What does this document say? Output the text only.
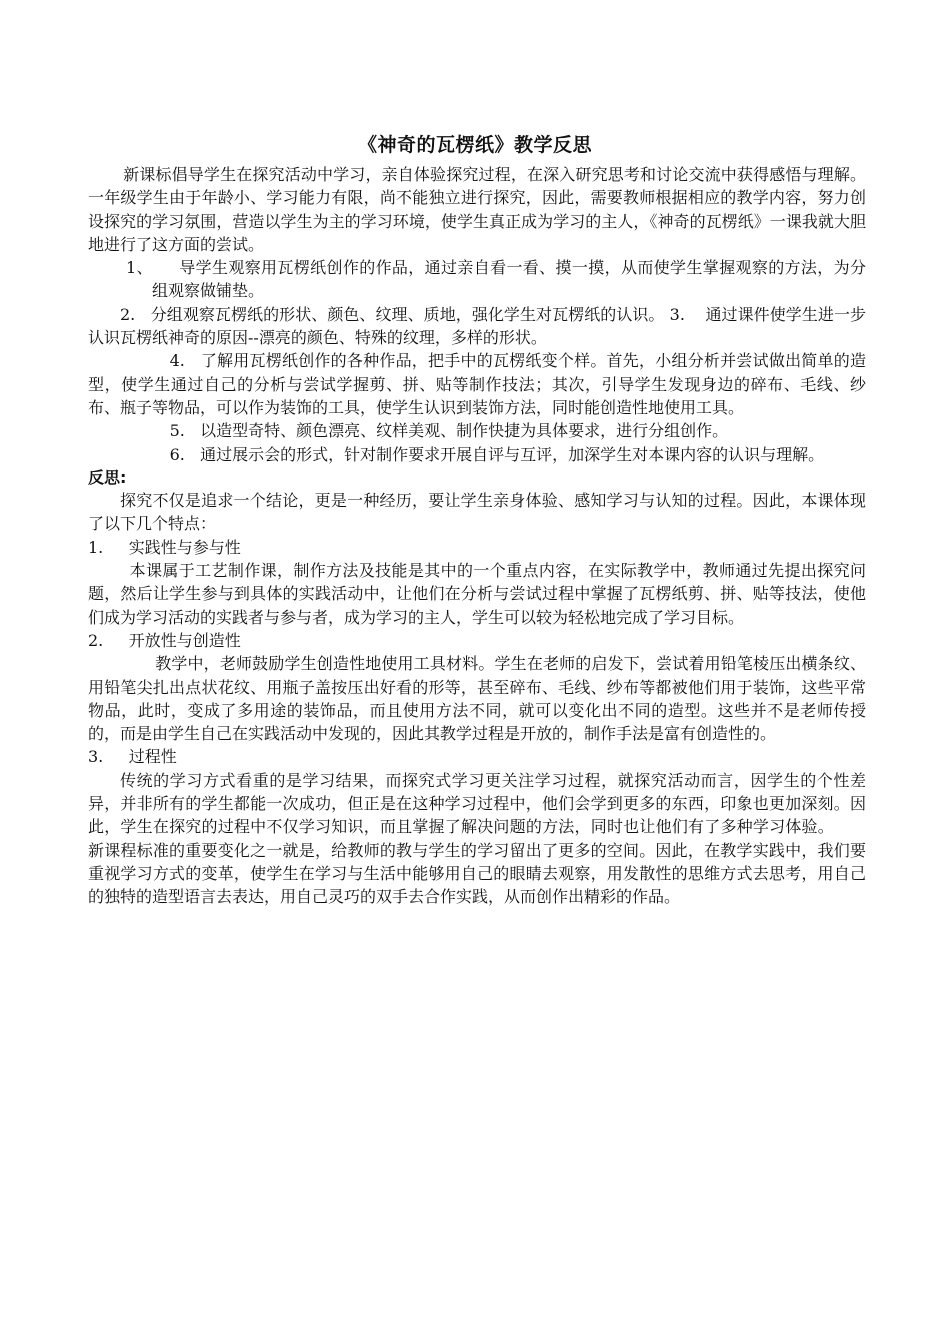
《神奇的瓦楞纸》教学反思

新课标倡导学生在探究活动中学习，亲自体验探究过程，在深入研究思考和讨论交流中获得感悟与理解。一年级学生由于年龄小、学习能力有限，尚不能独立进行探究，因此，需要教师根据相应的教学内容，努力创设探究的学习氛围，营造以学生为主的学习环境，使学生真正成为学习的主人，《神奇的瓦楞纸》一课我就大胆地进行了这方面的尝试。

1、 导学生观察用瓦楞纸创作的作品，通过亲自看一看、摸一摸，从而使学生掌握观察的方法，为分组观察做铺垫。

2. 分组观察瓦楞纸的形状、颜色、纹理、质地，强化学生对瓦楞纸的认识。 3. 通过课件使学生进一步认识瓦楞纸神奇的原因--漂亮的颜色、特殊的纹理，多样的形状。

4. 了解用瓦楞纸创作的各种作品，把手中的瓦楞纸变个样。首先，小组分析并尝试做出简单的造型，使学生通过自己的分析与尝试学握剪、拼、贴等制作技法；其次，引导学生发现身边的碎布、毛线、纱布、瓶子等物品，可以作为装饰的工具，使学生认识到装饰方法，同时能创造性地使用工具。

5. 以造型奇特、颜色漂亮、纹样美观、制作快捷为具体要求，进行分组创作。

6. 通过展示会的形式，针对制作要求开展自评与互评，加深学生对本课内容的认识与理解。

反思:

探究不仅是追求一个结论，更是一种经历，要让学生亲身体验、感知学习与认知的过程。因此，本课体现了以下几个特点：

1. 实践性与参与性

本课属于工艺制作课，制作方法及技能是其中的一个重点内容，在实际教学中，教师通过先提出探究问题，然后让学生参与到具体的实践活动中，让他们在分析与尝试过程中掌握了瓦楞纸剪、拼、贴等技法，使他们成为学习活动的实践者与参与者，成为学习的主人，学生可以较为轻松地完成了学习目标。

2. 开放性与创造性

教学中，老师鼓励学生创造性地使用工具材料。学生在老师的启发下，尝试着用铅笔棱压出横条纹、用铅笔尖扎出点状花纹、用瓶子盖按压出好看的形等，甚至碎布、毛线、纱布等都被他们用于装饰，这些平常物品，此时，变成了多用途的装饰品，而且使用方法不同，就可以变化出不同的造型。这些并不是老师传授的，而是由学生自己在实践活动中发现的，因此其教学过程是开放的，制作手法是富有创造性的。

3. 过程性

传统的学习方式看重的是学习结果，而探究式学习更关注学习过程，就探究活动而言，因学生的个性差异，并非所有的学生都能一次成功，但正是在这种学习过程中，他们会学到更多的东西，印象也更加深刻。因此，学生在探究的过程中不仅学习知识，而且掌握了解决问题的方法，同时也让他们有了多种学习体验。新课程标准的重要变化之一就是，给教师的教与学生的学习留出了更多的空间。因此，在教学实践中，我们要重视学习方式的变革，使学生在学习与生活中能够用自己的眼睛去观察，用发散性的思维方式去思考，用自己的独特的造型语言去表达，用自己灵巧的双手去合作实践，从而创作出精彩的作品。
